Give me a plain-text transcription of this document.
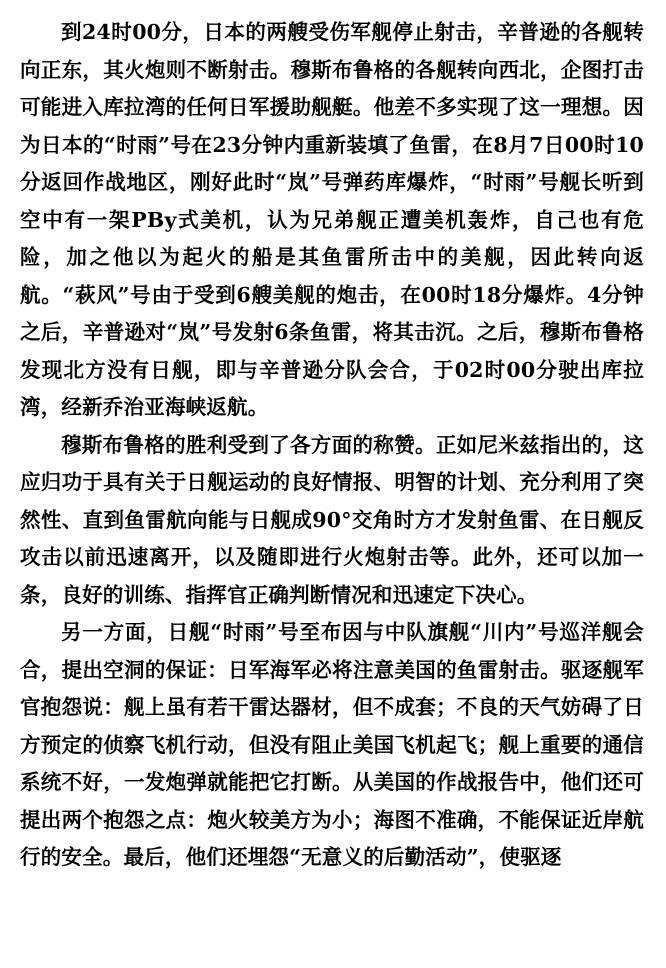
到24时00分，日本的两艘受伤军舰停止射击，辛普逊的各舰转向正东，其火炮则不断射击。穆斯布鲁格的各舰转向西北，企图打击可能进入库拉湾的任何日军援助舰艇。他差不多实现了这一理想。因为日本的“时雨”号在23分钟内重新装填了鱼雷，在8月7日00时10分返回作战地区，刚好此时“岚”号弹药库爆炸，“时雨”号舰长听到空中有一架PBy式美机，认为兄弟舰正遭美机轰炸，自己也有危险，加之他以为起火的船是其鱼雷所击中的美舰，因此转向返航。“萩风”号由于受到6艘美舰的炮击，在00时18分爆炸。4分钟之后，辛普逊对“岚”号发射6条鱼雷，将其击沉。之后，穆斯布鲁格发现北方没有日舰，即与辛普逊分队会合，于02时00分驶出库拉湾，经新乔治亚海峡返航。

穆斯布鲁格的胜利受到了各方面的称赞。正如尼米兹指出的，这应归功于具有关于日舰运动的良好情报、明智的计划、充分利用了突然性、直到鱼雷航向能与日舰成90°交角时方才发射鱼雷、在日舰反攻击以前迅速离开，以及随即进行火炮射击等。此外，还可以加一条，良好的训练、指挥官正确判断情况和迅速定下决心。

另一方面，日舰“时雨”号至布因与中队旗舰“川内”号巡洋舰会合，提出空洞的保证：日军海军必将注意美国的鱼雷射击。驱逐舰军官抱怨说：舰上虽有若干雷达器材，但不成套；不良的天气妨碍了日方预定的侦察飞机行动，但没有阻止美国飞机起飞；舰上重要的通信系统不好，一发炮弹就能把它打断。从美国的作战报告中，他们还可提出两个抱怨之点：炮火较美方为小；海图不准确，不能保证近岸航行的安全。最后，他们还埋怨“无意义的后勤活动”，使驱逐
